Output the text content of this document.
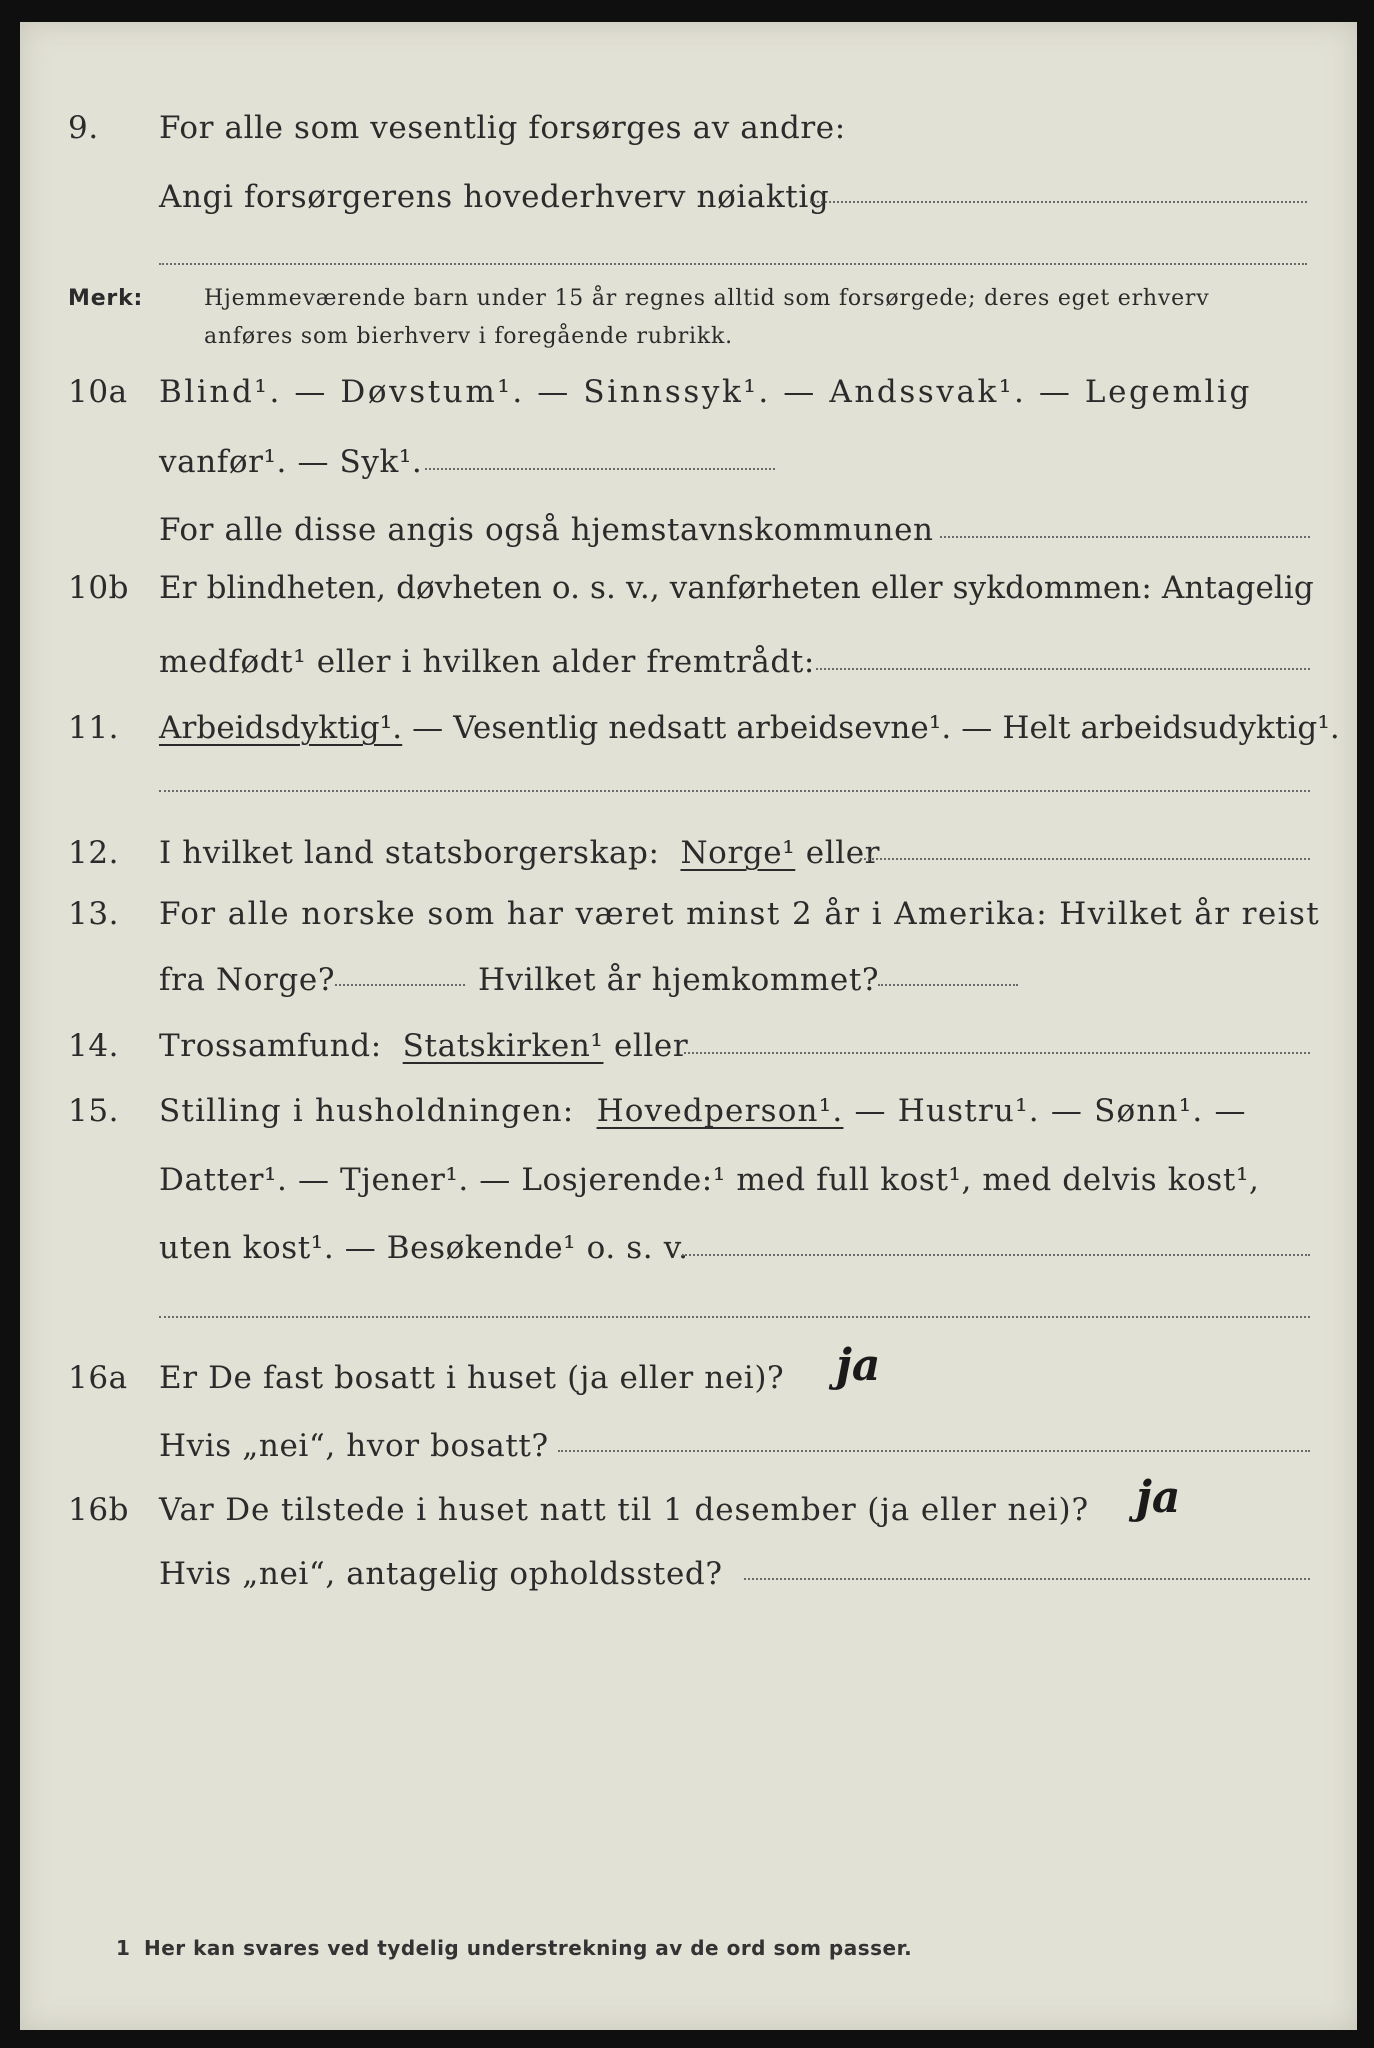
9. For alle som vesentlig forsørges av andre:
Angi forsørgerens hovederhverv nøiaktig
Merk:	Hjemmeværende barn under 15 år regnes alltid som forsørgede; deres eget erhverv
anføres som bierhverv i foregående rubrikk.
10a Blind¹. — Døvstum¹. — Sinnssyk¹. — Andssvak¹. — Legemlig
vanfør¹. — Syk¹.
For alle disse angis også hjemstavnskommunen
10b Er blindheten, døvheten o. s. v., vanførheten eller sykdommen: Antagelig
medfødt¹ eller i hvilken alder fremtrådt:
11. Arbeidsdyktig¹. — Vesentlig nedsatt arbeidsevne¹. — Helt arbeidsudyktig¹.
12. I hvilket land statsborgerskap: Norge¹ eller
13. For alle norske som har været minst 2 år i Amerika: Hvilket år reist
fra Norge?	Hvilket år hjemkommet?
14. Trossamfund: Statskirken¹ eller
15. Stilling i husholdningen: Hovedperson¹. — Hustru¹. — Sønn¹. —
Datter¹. — Tjener¹. — Losjerende:¹ med full kost¹, med delvis kost¹,
uten kost¹. — Besøkende¹ o. s. v.
16a Er De fast bosatt i huset (ja eller nei)? ja
Hvis „nei“, hvor bosatt?
16b Var De tilstede i huset natt til 1 desember (ja eller nei)? ja
Hvis „nei“, antagelig opholdssted?
1 Her kan svares ved tydelig understrekning av de ord som passer.
